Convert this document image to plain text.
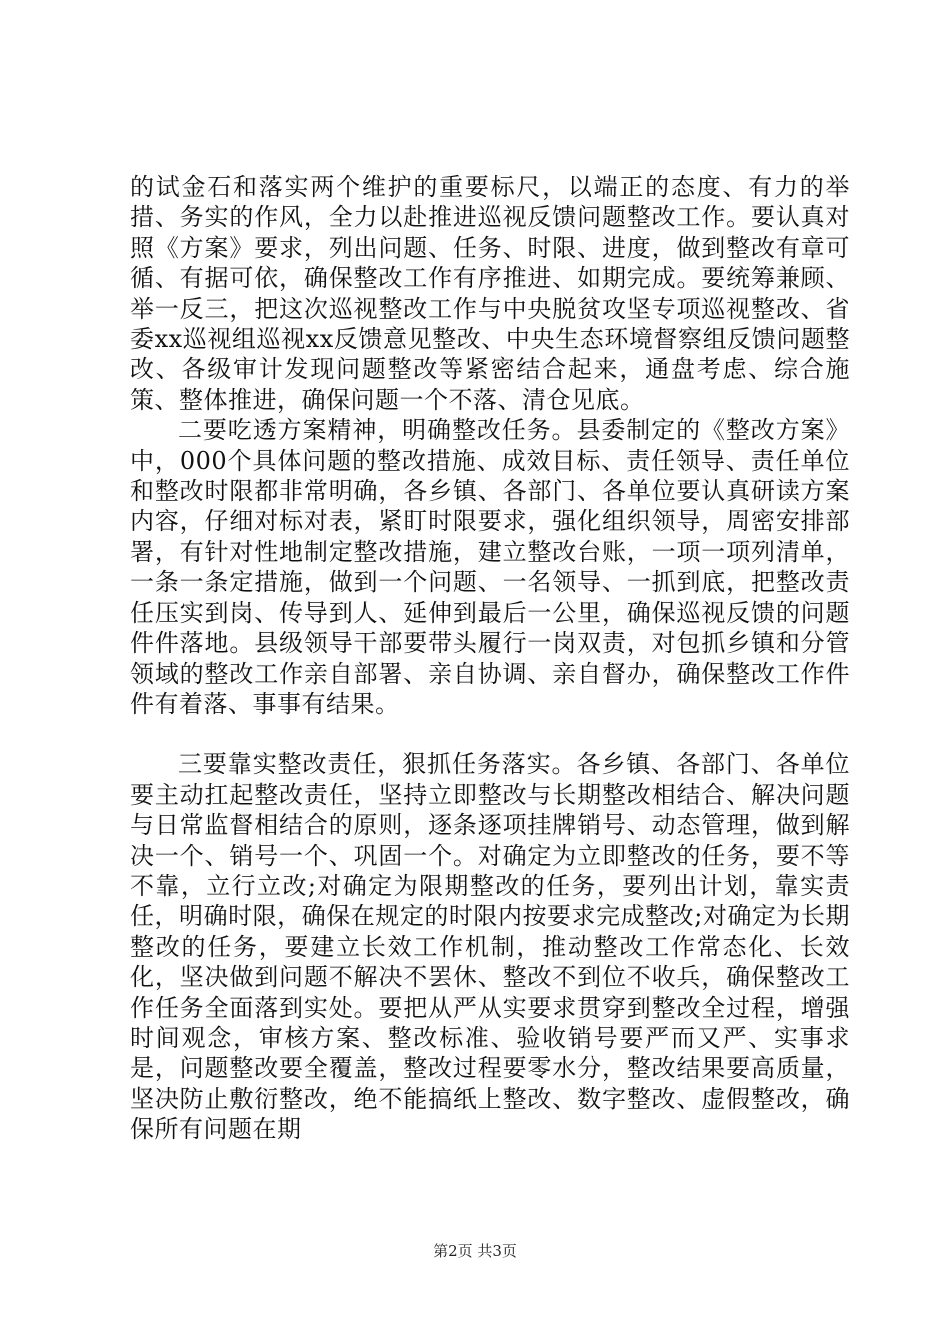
的试金石和落实两个维护的重要标尺，以端正的态度、有力的举措、务实的作风，全力以赴推进巡视反馈问题整改工作。要认真对照《方案》要求，列出问题、任务、时限、进度，做到整改有章可循、有据可依，确保整改工作有序推进、如期完成。要统筹兼顾、举一反三，把这次巡视整改工作与中央脱贫攻坚专项巡视整改、省委xx巡视组巡视xx反馈意见整改、中央生态环境督察组反馈问题整改、各级审计发现问题整改等紧密结合起来，通盘考虑、综合施策、整体推进，确保问题一个不落、清仓见底。

二要吃透方案精神，明确整改任务。县委制定的《整改方案》中，000个具体问题的整改措施、成效目标、责任领导、责任单位和整改时限都非常明确，各乡镇、各部门、各单位要认真研读方案内容，仔细对标对表，紧盯时限要求，强化组织领导，周密安排部署，有针对性地制定整改措施，建立整改台账，一项一项列清单，一条一条定措施，做到一个问题、一名领导、一抓到底，把整改责任压实到岗、传导到人、延伸到最后一公里，确保巡视反馈的问题件件落地。县级领导干部要带头履行一岗双责，对包抓乡镇和分管领域的整改工作亲自部署、亲自协调、亲自督办，确保整改工作件件有着落、事事有结果。

三要靠实整改责任，狠抓任务落实。各乡镇、各部门、各单位要主动扛起整改责任，坚持立即整改与长期整改相结合、解决问题与日常监督相结合的原则，逐条逐项挂牌销号、动态管理，做到解决一个、销号一个、巩固一个。对确定为立即整改的任务，要不等不靠，立行立改;对确定为限期整改的任务，要列出计划，靠实责任，明确时限，确保在规定的时限内按要求完成整改;对确定为长期整改的任务，要建立长效工作机制，推动整改工作常态化、长效化，坚决做到问题不解决不罢休、整改不到位不收兵，确保整改工作任务全面落到实处。要把从严从实要求贯穿到整改全过程，增强时间观念，审核方案、整改标准、验收销号要严而又严、实事求是，问题整改要全覆盖，整改过程要零水分，整改结果要高质量，坚决防止敷衍整改，绝不能搞纸上整改、数字整改、虚假整改，确保所有问题在期

第2页 共3页
